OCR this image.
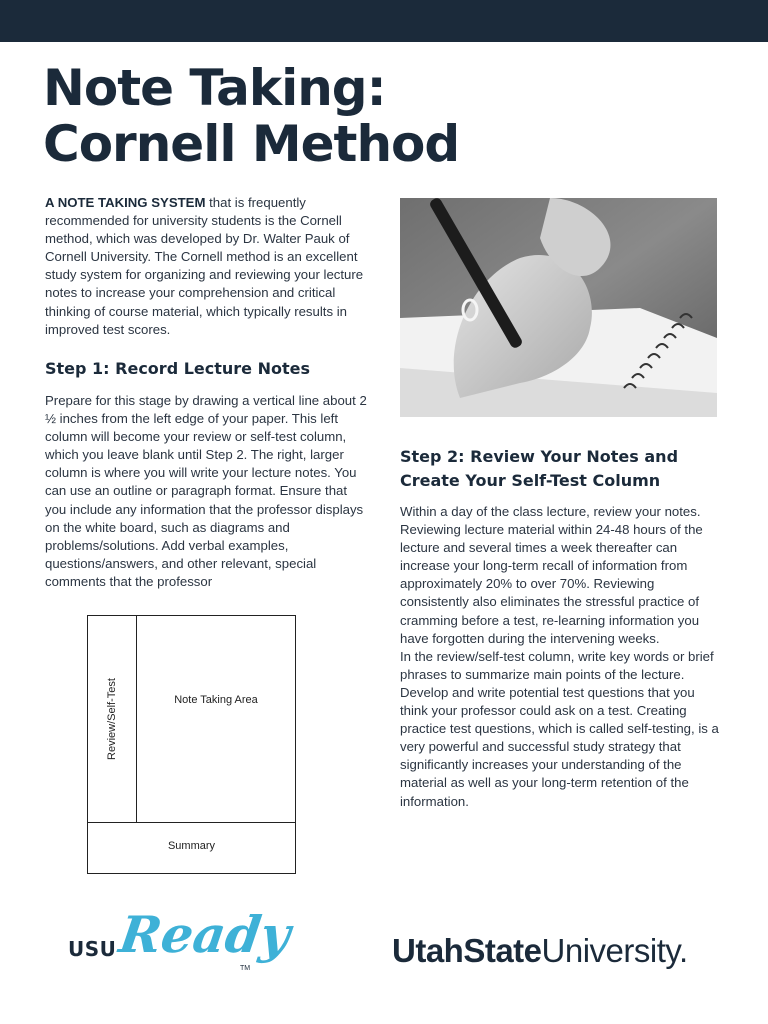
Note Taking:
Cornell Method

A NOTE TAKING SYSTEM that is frequently recommended for university students is the Cornell method, which was developed by Dr. Walter Pauk of Cornell University. The Cornell method is an excellent study system for organizing and reviewing your lecture notes to increase your comprehension and critical thinking of course material, which typically results in improved test scores.

Step 1: Record Lecture Notes

Prepare for this stage by drawing a vertical line about 2 ½ inches from the left edge of your paper. This left column will become your review or self-test column, which you leave blank until Step 2. The right, larger column is where you will write your lecture notes. You can use an outline or paragraph format. Ensure that you include any information that the professor displays on the white board, such as diagrams and problems/solutions. Add verbal examples, questions/answers, and other relevant, special comments that the professor

Step 2: Review Your Notes and Create Your Self-Test Column
Within a day of the class lecture, review your notes. Reviewing lecture material within 24-48 hours of the lecture and several times a week thereafter can increase your long-term recall of information from approximately 20% to over 70%. Reviewing consistently also eliminates the stressful practice of cramming before a test, re-learning information you have forgotten during the intervening weeks.
In the review/self-test column, write key words or brief phrases to summarize main points of the lecture. Develop and write potential test questions that you think your professor could ask on a test. Creating practice test questions, which is called self-testing, is a very powerful and successful study strategy that significantly increases your understanding of the material as well as your long-term retention of the information.
Review/Self-Test	Note Taking Area
Summary
USU Ready
TM	UtahStateUniversity.
